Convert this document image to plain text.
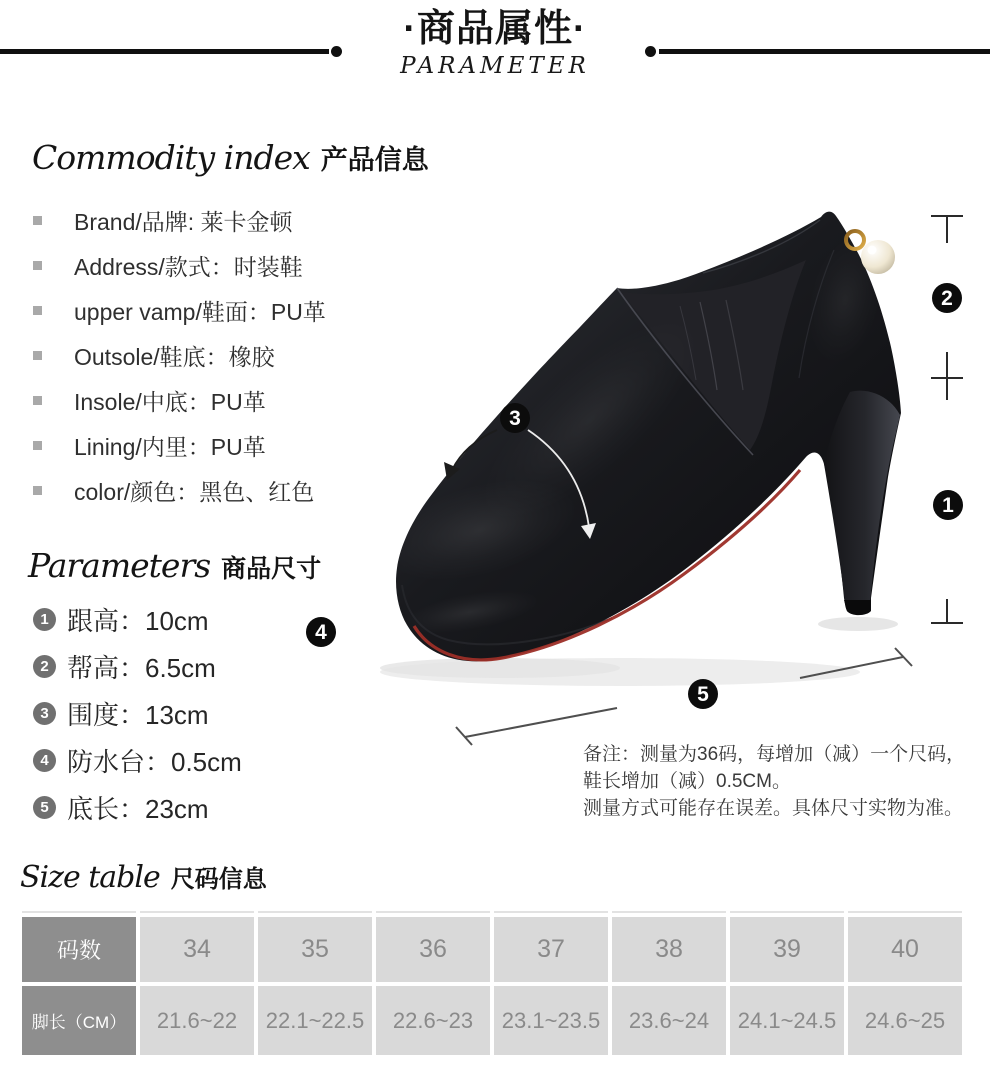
·商品属性·
PARAMETER
Commodity index 产品信息
Brand/品牌: 莱卡金顿
Address/款式：时装鞋
upper vamp/鞋面：PU革
Outsole/鞋底：橡胶
Insole/中底：PU革
Lining/内里：PU革
color/颜色：黑色、红色
Parameters 商品尺寸
1 跟高：10cm
2 帮高：6.5cm
3 围度：13cm
4 防水台：0.5cm
5 底长：23cm
备注：测量为36码，每增加（减）一个尺码，
鞋长增加（减）0.5CM。
测量方式可能存在误差。具体尺寸实物为准。
2
1
3
4
5
Size table 尺码信息
码数	34	35	36	37	38	39	40
脚长（CM）	21.6~22	22.1~22.5	22.6~23	23.1~23.5	23.6~24	24.1~24.5	24.6~25
